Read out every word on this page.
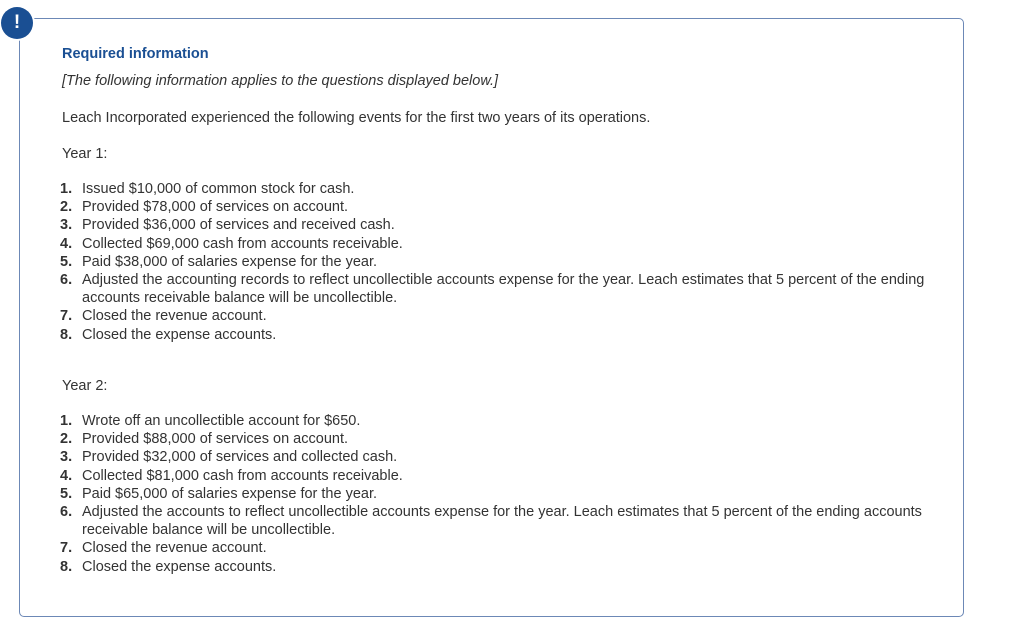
!
Required information

[The following information applies to the questions displayed below.]

Leach Incorporated experienced the following events for the first two years of its operations.

Year 1:

1. Issued $10,000 of common stock for cash.
2. Provided $78,000 of services on account.
3. Provided $36,000 of services and received cash.
4. Collected $69,000 cash from accounts receivable.
5. Paid $38,000 of salaries expense for the year.
6. Adjusted the accounting records to reflect uncollectible accounts expense for the year. Leach estimates that 5 percent of the ending accounts receivable balance will be uncollectible.
7. Closed the revenue account.
8. Closed the expense accounts.

Year 2:

1. Wrote off an uncollectible account for $650.
2. Provided $88,000 of services on account.
3. Provided $32,000 of services and collected cash.
4. Collected $81,000 cash from accounts receivable.
5. Paid $65,000 of salaries expense for the year.
6. Adjusted the accounts to reflect uncollectible accounts expense for the year. Leach estimates that 5 percent of the ending accounts receivable balance will be uncollectible.
7. Closed the revenue account.
8. Closed the expense accounts.
